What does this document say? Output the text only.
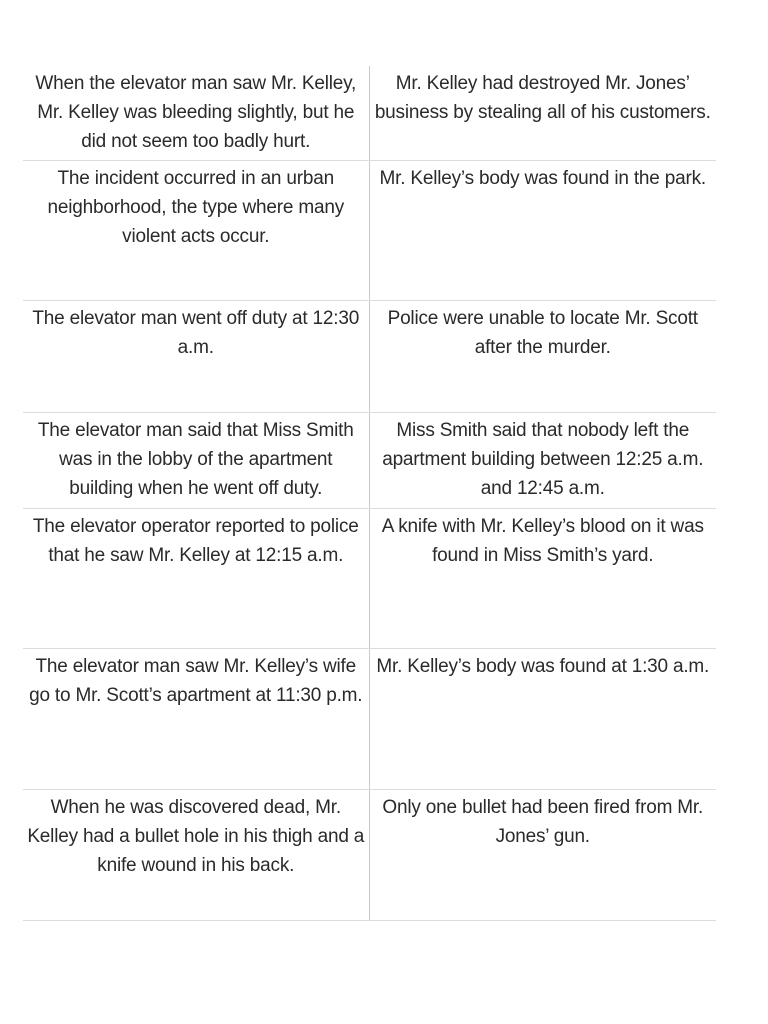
When the elevator man saw Mr. Kelley, Mr. Kelley was bleeding slightly, but he did not seem too badly hurt.
Mr. Kelley had destroyed Mr. Jones’ business by stealing all of his customers.
The incident occurred in an urban neighborhood, the type where many violent acts occur.
Mr. Kelley’s body was found in the park.
The elevator man went off duty at 12:30 a.m.
Police were unable to locate Mr. Scott after the murder.
The elevator man said that Miss Smith was in the lobby of the apartment building when he went off duty.
Miss Smith said that nobody left the apartment building between 12:25 a.m. and 12:45 a.m.
The elevator operator reported to police that he saw Mr. Kelley at 12:15 a.m.
A knife with Mr. Kelley’s blood on it was found in Miss Smith’s yard.
The elevator man saw Mr. Kelley’s wife go to Mr. Scott’s apartment at 11:30 p.m.
Mr. Kelley’s body was found at 1:30 a.m.
When he was discovered dead, Mr. Kelley had a bullet hole in his thigh and a knife wound in his back.
Only one bullet had been fired from Mr. Jones’ gun.
